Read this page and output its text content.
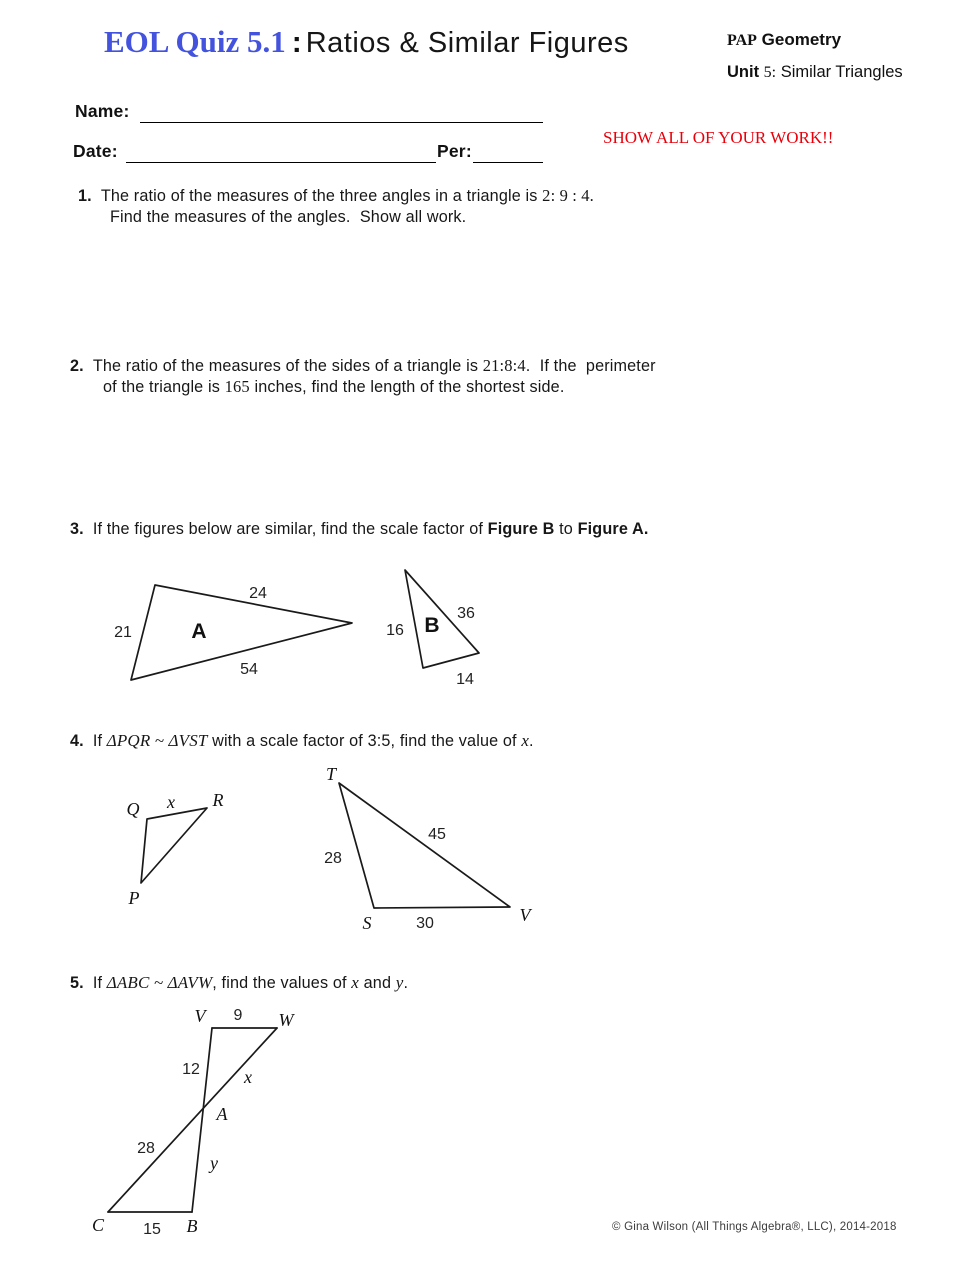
EOL Quiz 5.1 : Ratios & Similar Figures	PAP Geometry
Unit 5: Similar Triangles
Name:
Date:	Per:
SHOW ALL OF YOUR WORK!!
1. The ratio of the measures of the three angles in a triangle is 2: 9 : 4.
Find the measures of the angles.  Show all work.
2. The ratio of the measures of the sides of a triangle is 21:8:4.  If the  perimeter
of the triangle is 165 inches, find the length of the shortest side.
3. If the figures below are similar, find the scale factor of Figure B to Figure A.
21
24
54
A	16
36
14
B
4. If ΔPQR ~ ΔVST with a scale factor of 3:5, find the value of x.
Q x R
P
T
45
28
S	30	V
5. If ΔABC ~ ΔAVW, find the values of x and y.
V 9 W
12 x
A
28
y
C 15 B	© Gina Wilson (All Things Algebra®, LLC), 2014-2018
